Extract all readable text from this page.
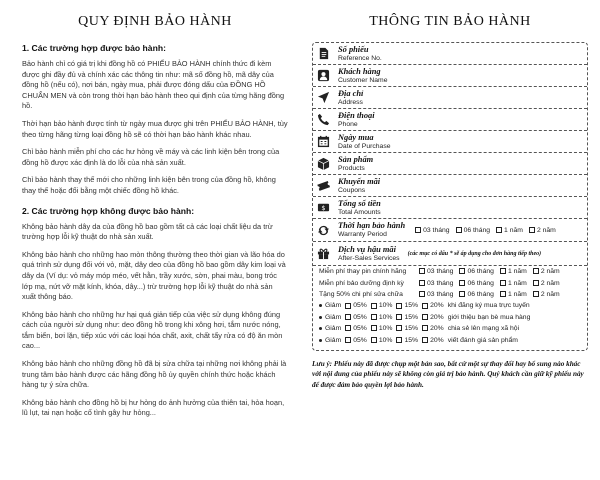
QUY ĐỊNH BẢO HÀNH
1. Các trường hợp được bảo hành:

Bảo hành chỉ có giá trị khi đồng hồ có PHIẾU BẢO HÀNH chính thức đi kèm được ghi đầy đủ và chính xác các thông tin như: mã số đồng hồ, mã dây của đồng hồ (nếu có), nơi bán, ngày mua, phải được đóng dấu của ĐỒNG HỒ CHUẨN MEN và còn trong thời hạn bảo hành theo qui định của từng hãng đồng hồ.

Thời hạn bảo hành được tính từ ngày mua được ghi trên PHIẾU BẢO HÀNH, tùy theo từng hãng từng loại đồng hồ sẽ có thời hạn bảo hành khác nhau.

Chỉ bảo hành miễn phí cho các hư hỏng về máy và các linh kiện bên trong của đồng hồ được xác định là do lỗi của nhà sản xuất.

Chỉ bảo hành thay thế mới cho những linh kiện bên trong của đồng hồ, không thay thế hoặc đổi bằng một chiếc đồng hồ khác.

2. Các trường hợp không được bảo hành:

Không bảo hành dây da của đồng hồ bao gồm tất cả các loại chất liệu da trừ trường hợp lỗi kỹ thuật do nhà sản xuất.

Không bảo hành cho những hao mòn thông thường theo thời gian và lão hóa do quá trình sử dụng đối với vỏ, mặt, dây deo của đồng hồ bao gồm dây kim loại và dây da (Ví dụ: vỏ máy móp méo, vết hằn, trầy xước, sờn, phai màu, bong tróc lớp mạ, nứt vỡ mặt kính, khóa, dây...) trừ trường hợp lỗi kỹ thuật do nhà sản xuất thông báo.

Không bảo hành cho những hư hại quá giản tiếp của việc sử dụng không đúng cách của người sử dụng như: deo đồng hồ trong khi xông hơi, tắm nước nóng, tắm biển, bơi lặn, tiếp xúc với các loại hóa chất, axit, chất tẩy rửa có độ ăn mòn cao...

Không bảo hành cho những đồng hồ đã bị sửa chữa tại những nơi không phải là trung tâm bảo hành được các hãng đồng hồ ủy quyền chính thức hoặc khách hàng tự ý sửa chữa.

Không bảo hành cho đồng hồ bị hư hỏng do ảnh hưởng của thiên tai, hỏa hoạn, lũ lụt, tai nạn hoặc cố tình gây hư hỏng...

THÔNG TIN BẢO HÀNH
Số phiếu
Reference No.
Khách hàng
Customer Name
Địa chỉ
Address
Điện thoại
Phone
Ngày mua
Date of Purchase
Sản phẩm
Products
Khuyến mãi
Coupons
$
Tổng số tiền
Total Amounts
Thời hạn bảo hành
Warranty Period
03 tháng	06 tháng	1 năm	2 năm
Dịch vụ hậu mãi
After-Sales Services
(các mục có dấu * sẽ áp dụng cho đơn hàng tiếp theo)
Miễn phí thay pin chính hãng	03 tháng	06 tháng	1 năm	2 năm
Miễn phí bảo dưỡng định kỳ	03 tháng	06 tháng	1 năm	2 năm
Tặng 50% chi phí sửa chữa	03 tháng	06 tháng	1 năm	2 năm
Giảm	05%	10%	15%	20% khi đăng ký mua trực tuyến
Giảm	05%	10%	15%	20% giới thiệu bạn bè mua hàng
Giảm	05%	10%	15%	20% chia sẻ lên mạng xã hội
Giảm	05%	10%	15%	20% viết đánh giá sản phẩm

Lưu ý: Phiếu này đã được chụp một bản sao, bất cứ một sự thay đổi hay bổ sung nào khác với nội dung của phiếu này sẽ không còn giá trị bảo hành. Quý khách cần giữ kỹ phiếu này để được đảm bảo quyền lợi bảo hành.
